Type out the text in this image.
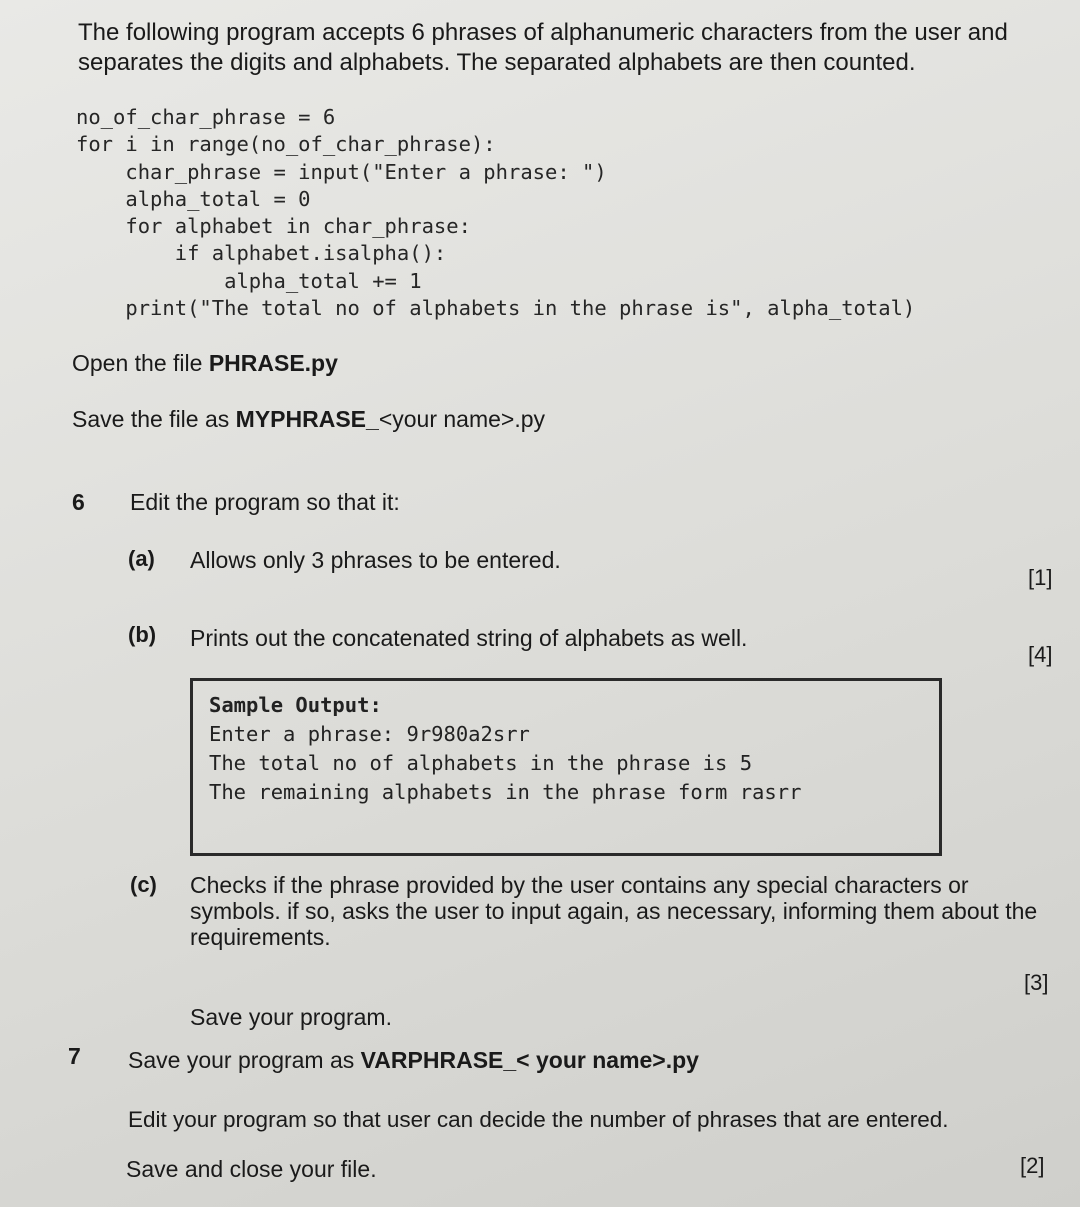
The following program accepts 6 phrases of alphanumeric characters from the user and separates the digits and alphabets. The separated alphabets are then counted.

no_of_char_phrase = 6
for i in range(no_of_char_phrase):
char_phrase = input("Enter a phrase: ")
alpha_total = 0
for alphabet in char_phrase:
if alphabet.isalpha():
alpha_total += 1
print("The total no of alphabets in the phrase is", alpha_total)

Open the file PHRASE.py

Save the file as MYPHRASE_<your name>.py

6 Edit the program so that it:

(a) Allows only 3 phrases to be entered.

[1]
(b) Prints out the concatenated string of alphabets as well.

[4]
Sample Output:
Enter a phrase: 9r980a2srr
The total no of alphabets in the phrase is 5
The remaining alphabets in the phrase form rasrr
(c) Checks if the phrase provided by the user contains any special characters or symbols. if so, asks the user to input again, as necessary, informing them about the requirements.

[3]

Save your program.

7 Save your program as VARPHRASE_< your name>.py

Edit your program so that user can decide the number of phrases that are entered.

[2]

Save and close your file.
